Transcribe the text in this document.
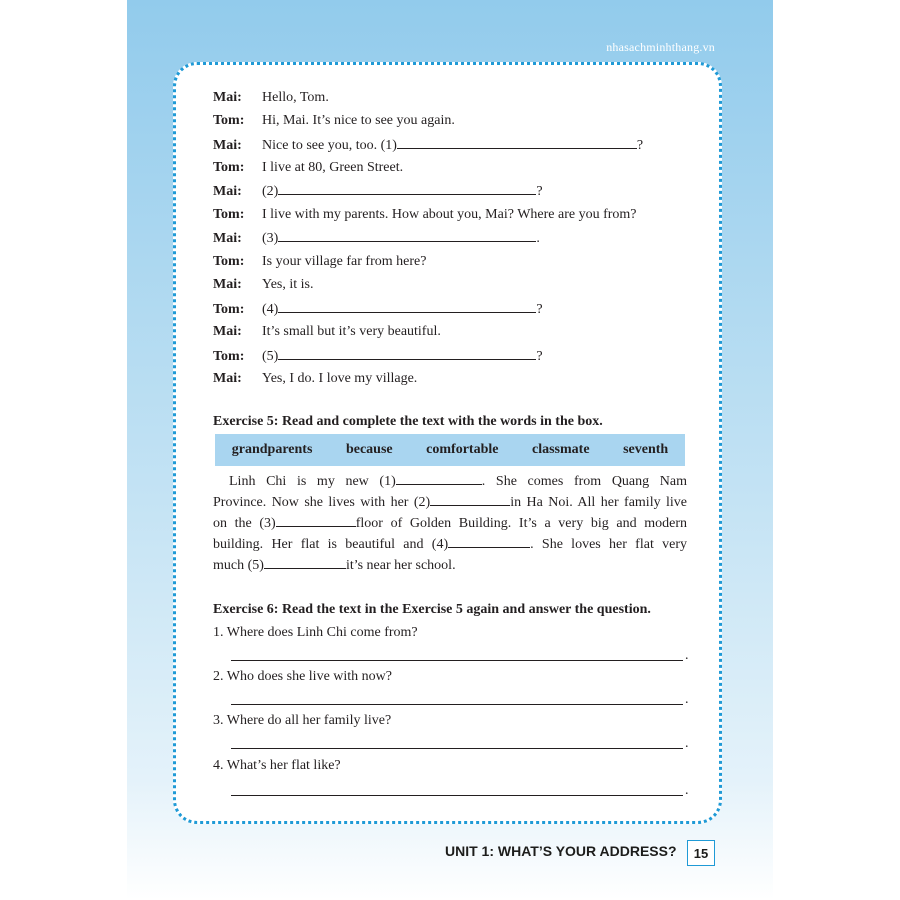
nhasachminhthang.vn
Mai: Hello, Tom.
Tom: Hi, Mai. It’s nice to see you again.
Mai: Nice to see you, too. (1)	?
Tom: I live at 80, Green Street.
Mai: (2)	?
Tom: I live with my parents. How about you, Mai? Where are you from?
Mai: (3)	.
Tom: Is your village far from here?
Mai: Yes, it is.
Tom: (4)	?
Mai: It’s small but it’s very beautiful.
Tom: (5)	?
Mai: Yes, I do. I love my village.
Exercise 5: Read and complete the text with the words in the box.
grandparents because comfortable classmate seventh
Linh Chi is my new (1)	. She comes from Quang Nam
Province. Now she lives with her (2)	in Ha Noi. All her family live
on the (3)	floor of Golden Building. It’s a very big and modern
building. Her flat is beautiful and (4)	. She loves her flat very
much (5)	it’s near her school.
Exercise 6: Read the text in the Exercise 5 again and answer the question.
1. Where does Linh Chi come from?
.
2. Who does she live with now?
.
3. Where do all her family live?
.
4. What’s her flat like?
.
UNIT 1: WHAT’S YOUR ADDRESS?	15
